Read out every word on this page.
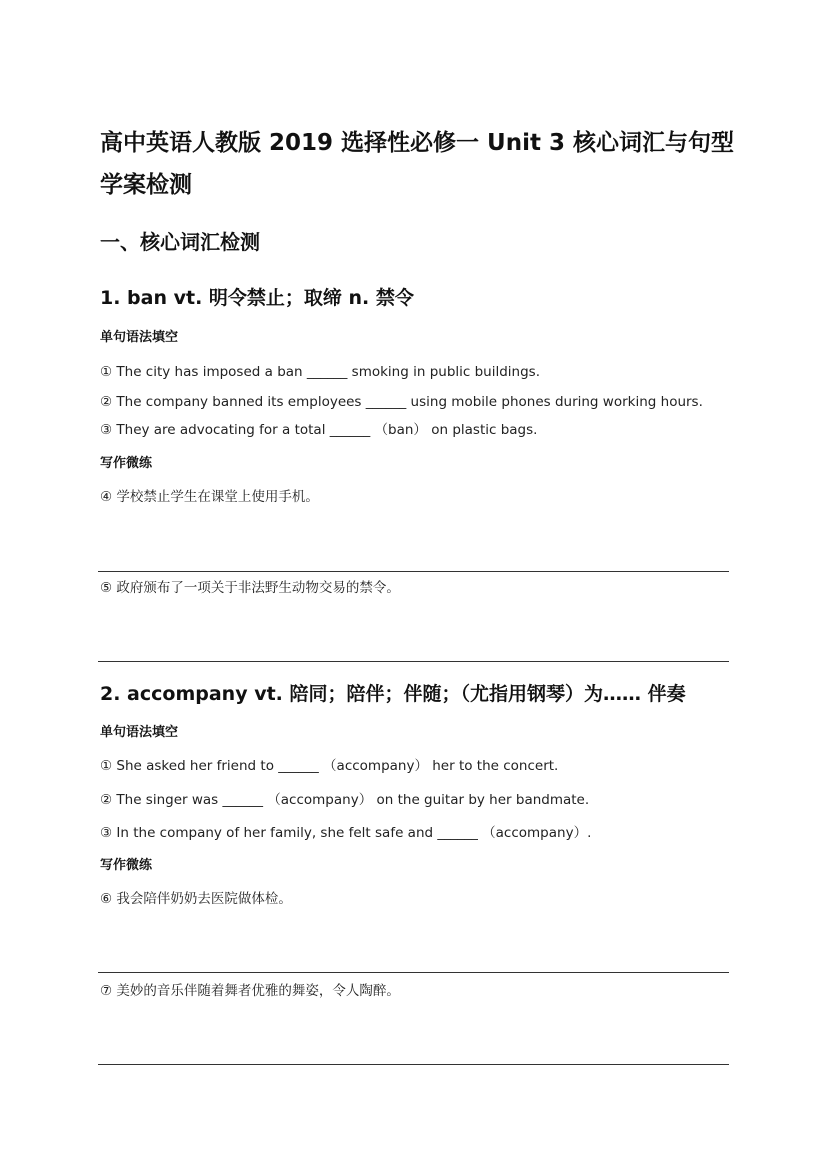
高中英语人教版 2019 选择性必修一 Unit 3 核心词汇与句型学案检测
一、核心词汇检测
1. ban vt. 明令禁止；取缔 n. 禁令
单句语法填空
① The city has imposed a ban ______ smoking in public buildings.
② The company banned its employees ______ using mobile phones during working hours.
③ They are advocating for a total ______ （ban） on plastic bags.
写作微练
④ 学校禁止学生在课堂上使用手机。
⑤ 政府颁布了一项关于非法野生动物交易的禁令。
2. accompany vt. 陪同；陪伴；伴随；（尤指用钢琴）为…… 伴奏
单句语法填空
① She asked her friend to ______ （accompany） her to the concert.
② The singer was ______ （accompany） on the guitar by her bandmate.
③ In the company of her family, she felt safe and ______ （accompany）.
写作微练
⑥ 我会陪伴奶奶去医院做体检。
⑦ 美妙的音乐伴随着舞者优雅的舞姿，令人陶醉。
